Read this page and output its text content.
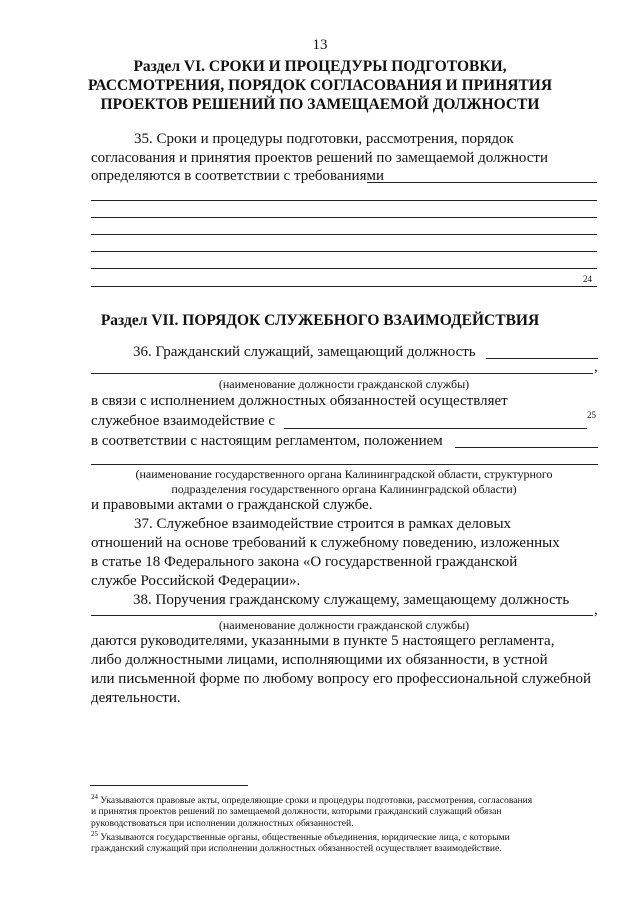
13
Раздел VI. СРОКИ И ПРОЦЕДУРЫ ПОДГОТОВКИ,
РАССМОТРЕНИЯ, ПОРЯДОК СОГЛАСОВАНИЯ И ПРИНЯТИЯ
ПРОЕКТОВ РЕШЕНИЙ ПО ЗАМЕЩАЕМОЙ ДОЛЖНОСТИ
35. Сроки и процедуры подготовки, рассмотрения, порядок
согласования и принятия проектов решений по замещаемой должности
определяются в соответствии с требованиями
24
Раздел VII. ПОРЯДОК СЛУЖЕБНОГО ВЗАИМОДЕЙСТВИЯ
36. Гражданский служащий, замещающий должность
,
(наименование должности гражданской службы)
в связи с исполнением должностных обязанностей осуществляет
служебное взаимодействие с	25
в соответствии с настоящим регламентом, положением
(наименование государственного органа Калининградской области, структурного
подразделения государственного органа Калининградской области)
и правовыми актами о гражданской службе.
37. Служебное взаимодействие строится в рамках деловых
отношений на основе требований к служебному поведению, изложенных
в статье 18 Федерального закона «О государственной гражданской
службе Российской Федерации».
38. Поручения гражданскому служащему, замещающему должность
,
(наименование должности гражданской службы)
даются руководителями, указанными в пункте 5 настоящего регламента,
либо должностными лицами, исполняющими их обязанности, в устной
или письменной форме по любому вопросу его профессиональной служебной
деятельности.
$^{24}$ Указываются правовые акты, определяющие сроки и процедуры подготовки, рассмотрения, согласования
и принятия проектов решений по замещаемой должности, которыми гражданский служащий обязан
руководствоваться при исполнении должностных обязанностей.
$^{25}$ Указываются государственные органы, общественные объединения, юридические лица, с которыми
гражданский служащий при исполнении должностных обязанностей осуществляет взаимодействие.
